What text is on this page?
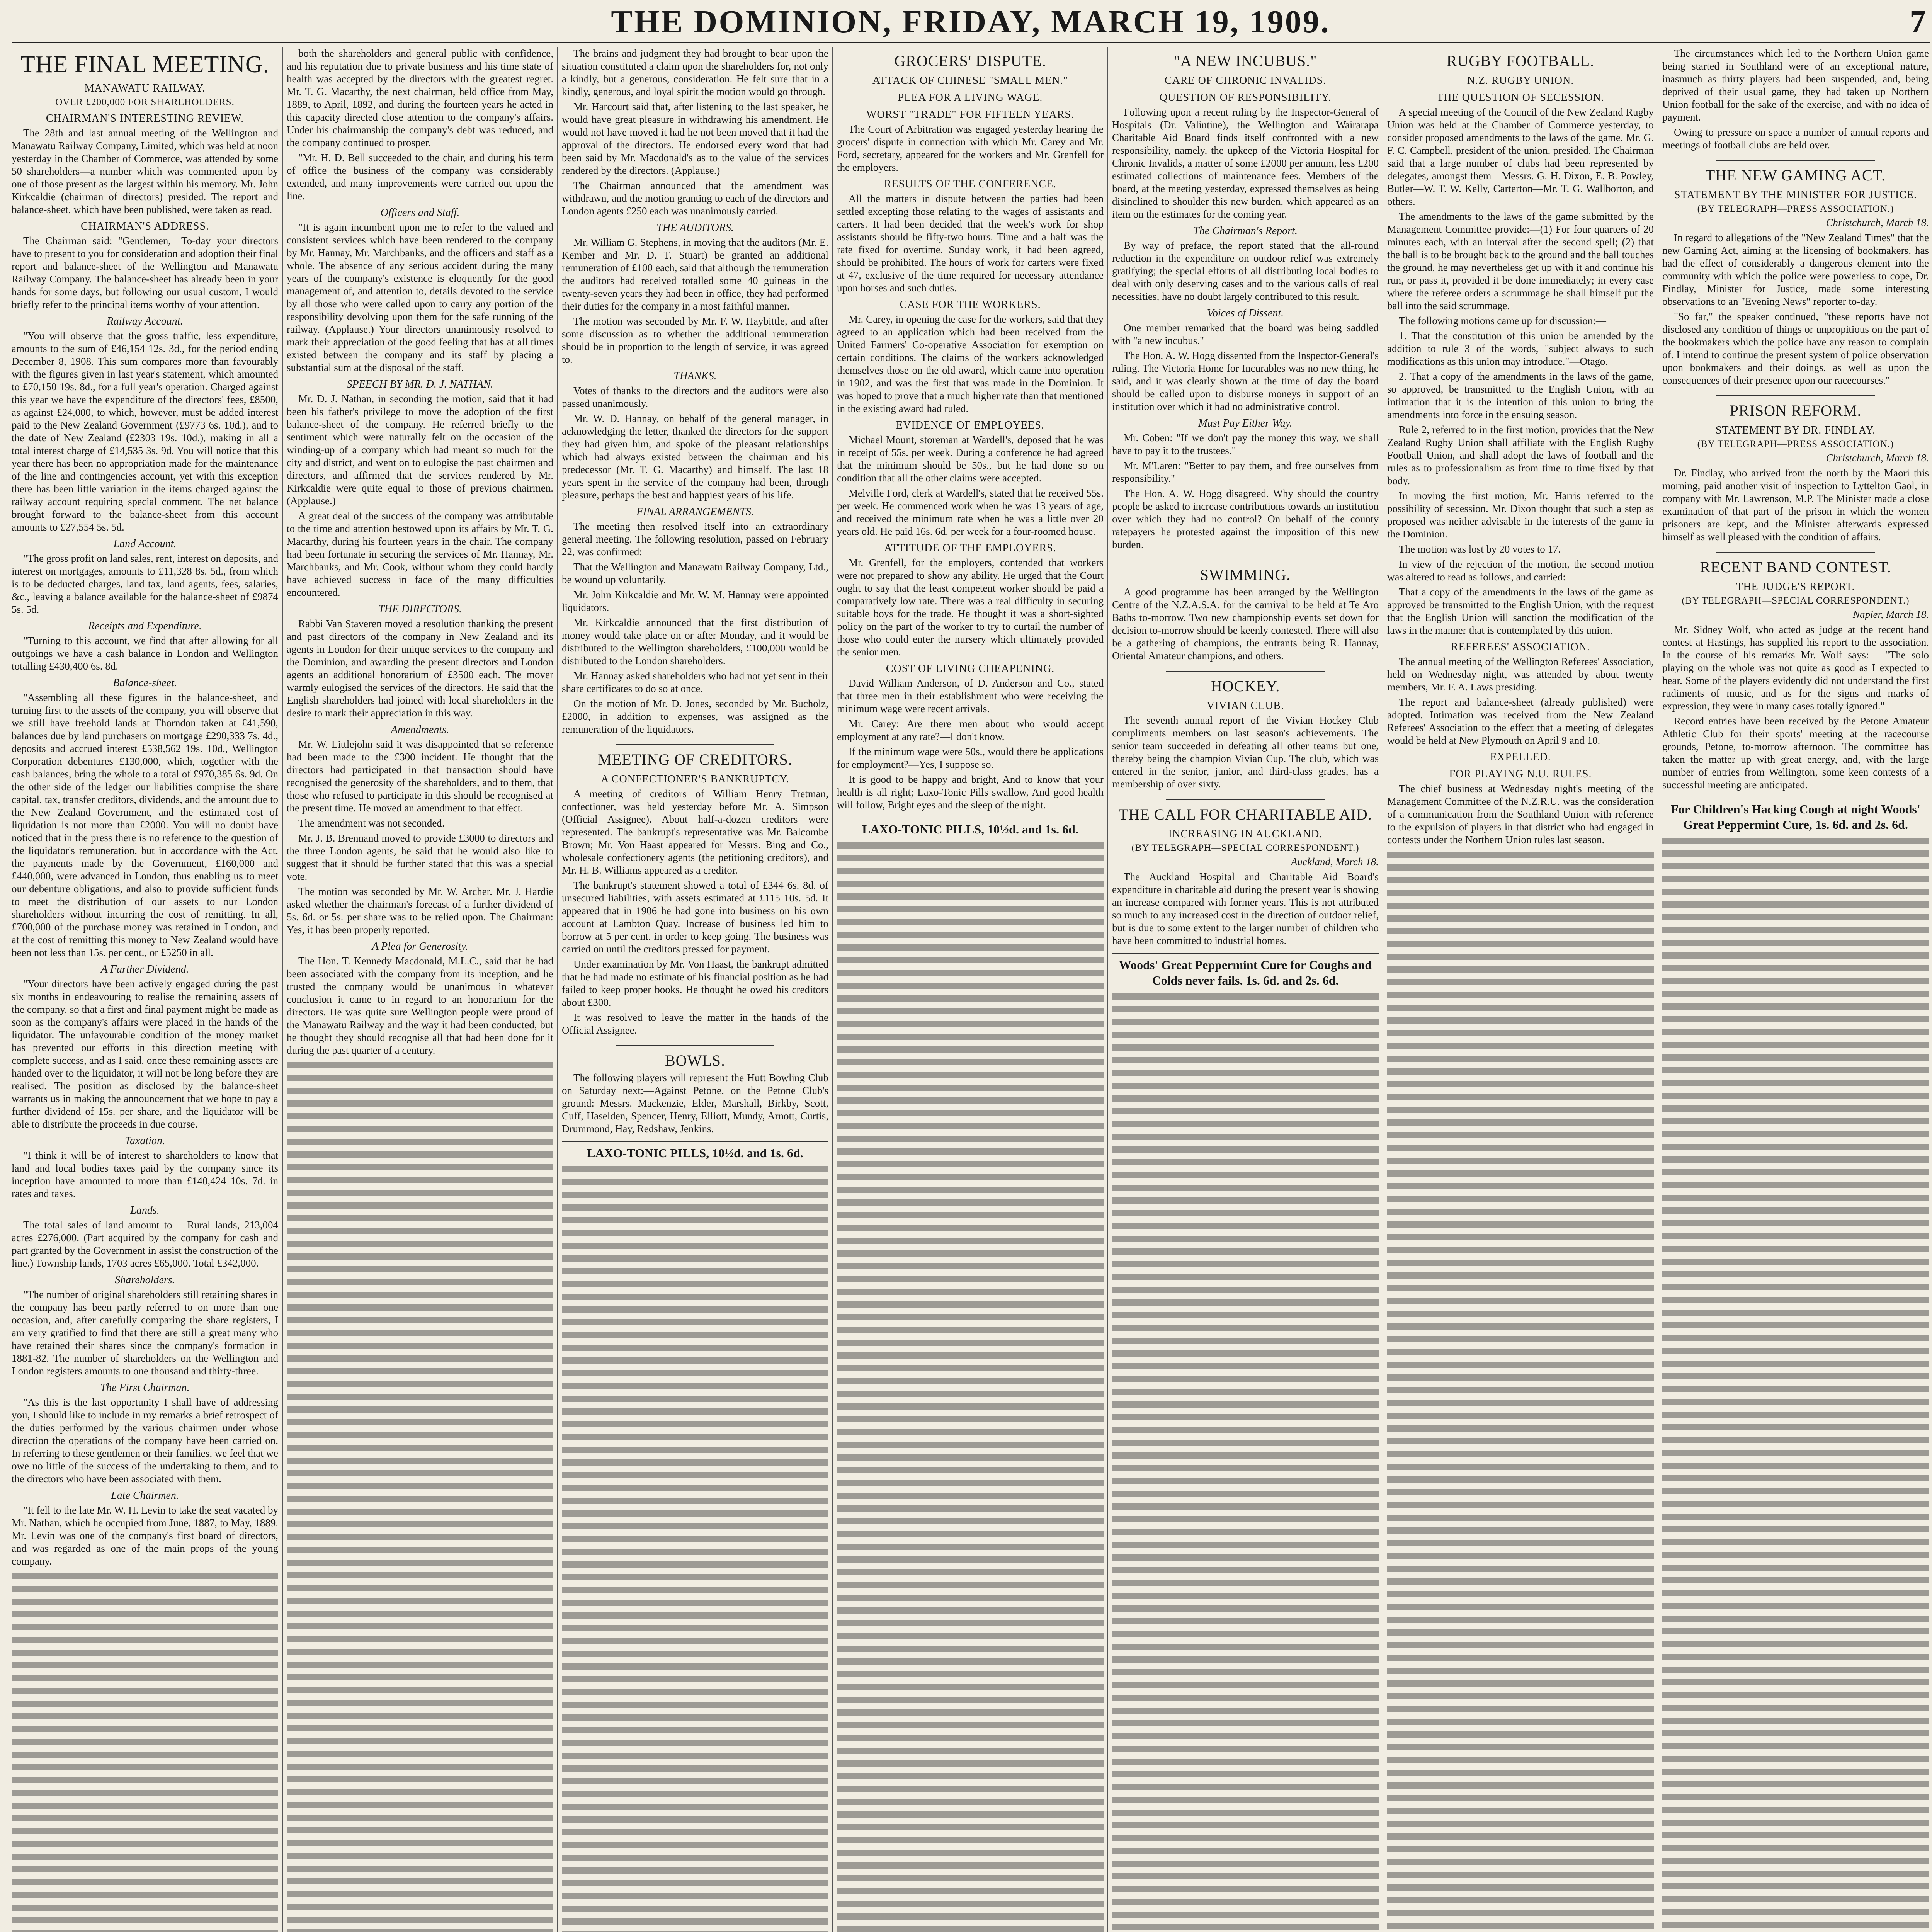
THE DOMINION, FRIDAY, MARCH 19, 1909.	7
THE FINAL MEETING.
MANAWATU RAILWAY.
OVER £200,000 FOR SHAREHOLDERS.
CHAIRMAN'S INTERESTING REVIEW.

The 28th and last annual meeting of the Wellington and Manawatu Railway Company, Limited, which was held at noon yesterday in the Chamber of Commerce, was attended by some 50 shareholders—a number which was commented upon by one of those present as the largest within his memory. Mr. John Kirkcaldie (chairman of directors) presided. The report and balance-sheet, which have been published, were taken as read.

CHAIRMAN'S ADDRESS.

The Chairman said: "Gentlemen,—To-day your directors have to present to you for consideration and adoption their final report and balance-sheet of the Wellington and Manawatu Railway Company. The balance-sheet has already been in your hands for some days, but following our usual custom, I would briefly refer to the principal items worthy of your attention.

Railway Account.

"You will observe that the gross traffic, less expenditure, amounts to the sum of £46,154 12s. 3d., for the period ending December 8, 1908. This sum compares more than favourably with the figures given in last year's statement, which amounted to £70,150 19s. 8d., for a full year's operation. Charged against this year we have the expenditure of the directors' fees, £8500, as against £24,000, to which, however, must be added interest paid to the New Zealand Government (£9773 6s. 10d.), and to the date of New Zealand (£2303 19s. 10d.), making in all a total interest charge of £14,535 3s. 9d. You will notice that this year there has been no appropriation made for the maintenance of the line and contingencies account, yet with this exception there has been little variation in the items charged against the railway account requiring special comment. The net balance brought forward to the balance-sheet from this account amounts to £27,554 5s. 5d.

Land Account.

"The gross profit on land sales, rent, interest on deposits, and interest on mortgages, amounts to £11,328 8s. 5d., from which is to be deducted charges, land tax, land agents, fees, salaries, &c., leaving a balance available for the balance-sheet of £9874 5s. 5d.

Receipts and Expenditure.

"Turning to this account, we find that after allowing for all outgoings we have a cash balance in London and Wellington totalling £430,400 6s. 8d.

Balance-sheet.

"Assembling all these figures in the balance-sheet, and turning first to the assets of the company, you will observe that we still have freehold lands at Thorndon taken at £41,590, balances due by land purchasers on mortgage £290,333 7s. 4d., deposits and accrued interest £538,562 19s. 10d., Wellington Corporation debentures £130,000, which, together with the cash balances, bring the whole to a total of £970,385 6s. 9d. On the other side of the ledger our liabilities comprise the share capital, tax, transfer creditors, dividends, and the amount due to the New Zealand Government, and the estimated cost of liquidation is not more than £2000. You will no doubt have noticed that in the press there is no reference to the question of the liquidator's remuneration, but in accordance with the Act, the payments made by the Government, £160,000 and £440,000, were advanced in London, thus enabling us to meet our debenture obligations, and also to provide sufficient funds to meet the distribution of our assets to our London shareholders without incurring the cost of remitting. In all, £700,000 of the purchase money was retained in London, and at the cost of remitting this money to New Zealand would have been not less than 15s. per cent., or £5250 in all.

A Further Dividend.

"Your directors have been actively engaged during the past six months in endeavouring to realise the remaining assets of the company, so that a first and final payment might be made as soon as the company's affairs were placed in the hands of the liquidator. The unfavourable condition of the money market has prevented our efforts in this direction meeting with complete success, and as I said, once these remaining assets are handed over to the liquidator, it will not be long before they are realised. The position as disclosed by the balance-sheet warrants us in making the announcement that we hope to pay a further dividend of 15s. per share, and the liquidator will be able to distribute the proceeds in due course.

Taxation.

"I think it will be of interest to shareholders to know that land and local bodies taxes paid by the company since its inception have amounted to more than £140,424 10s. 7d. in rates and taxes.

Lands.

The total sales of land amount to— Rural lands, 213,004 acres £276,000. (Part acquired by the company for cash and part granted by the Government in assist the construction of the line.) Township lands, 1703 acres £65,000. Total £342,000.

Shareholders.

"The number of original shareholders still retaining shares in the company has been partly referred to on more than one occasion, and, after carefully comparing the share registers, I am very gratified to find that there are still a great many who have retained their shares since the company's formation in 1881-82. The number of shareholders on the Wellington and London registers amounts to one thousand and thirty-three.

The First Chairman.

"As this is the last opportunity I shall have of addressing you, I should like to include in my remarks a brief retrospect of the duties performed by the various chairmen under whose direction the operations of the company have been carried on. In referring to these gentlemen or their families, we feel that we owe no little of the success of the undertaking to them, and to the directors who have been associated with them.

Late Chairmen.

"It fell to the late Mr. W. H. Levin to take the seat vacated by Mr. Nathan, which he occupied from June, 1887, to May, 1889. Mr. Levin was one of the company's first board of directors, and was regarded as one of the main props of the young company.

both the shareholders and general public with confidence, and his reputation due to private business and his time state of health was accepted by the directors with the greatest regret. Mr. T. G. Macarthy, the next chairman, held office from May, 1889, to April, 1892, and during the fourteen years he acted in this capacity directed close attention to the company's affairs. Under his chairmanship the company's debt was reduced, and the company continued to prosper.

"Mr. H. D. Bell succeeded to the chair, and during his term of office the business of the company was considerably extended, and many improvements were carried out upon the line.

Officers and Staff.

"It is again incumbent upon me to refer to the valued and consistent services which have been rendered to the company by Mr. Hannay, Mr. Marchbanks, and the officers and staff as a whole. The absence of any serious accident during the many years of the company's existence is eloquently for the good management of, and attention to, details devoted to the service by all those who were called upon to carry any portion of the responsibility devolving upon them for the safe running of the railway. (Applause.) Your directors unanimously resolved to mark their appreciation of the good feeling that has at all times existed between the company and its staff by placing a substantial sum at the disposal of the staff.

SPEECH BY MR. D. J. NATHAN.

Mr. D. J. Nathan, in seconding the motion, said that it had been his father's privilege to move the adoption of the first balance-sheet of the company. He referred briefly to the sentiment which were naturally felt on the occasion of the winding-up of a company which had meant so much for the city and district, and went on to eulogise the past chairmen and directors, and affirmed that the services rendered by Mr. Kirkcaldie were quite equal to those of previous chairmen. (Applause.)

A great deal of the success of the company was attributable to the time and attention bestowed upon its affairs by Mr. T. G. Macarthy, during his fourteen years in the chair. The company had been fortunate in securing the services of Mr. Hannay, Mr. Marchbanks, and Mr. Cook, without whom they could hardly have achieved success in face of the many difficulties encountered.

THE DIRECTORS.

Rabbi Van Staveren moved a resolution thanking the present and past directors of the company in New Zealand and its agents in London for their unique services to the company and the Dominion, and awarding the present directors and London agents an additional honorarium of £3500 each. The mover warmly eulogised the services of the directors. He said that the English shareholders had joined with local shareholders in the desire to mark their appreciation in this way.

Amendments.

Mr. W. Littlejohn said it was disappointed that so reference had been made to the £300 incident. He thought that the directors had participated in that transaction should have recognised the generosity of the shareholders, and to them, that those who refused to participate in this should be recognised at the present time. He moved an amendment to that effect.

The amendment was not seconded.

Mr. J. B. Brennand moved to provide £3000 to directors and the three London agents, he said that he would also like to suggest that it should be further stated that this was a special vote.

The motion was seconded by Mr. W. Archer. Mr. J. Hardie asked whether the chairman's forecast of a further dividend of 5s. 6d. or 5s. per share was to be relied upon. The Chairman: Yes, it has been properly reported.

A Plea for Generosity.

The Hon. T. Kennedy Macdonald, M.L.C., said that he had been associated with the company from its inception, and he trusted the company would be unanimous in whatever conclusion it came to in regard to an honorarium for the directors. He was quite sure Wellington people were proud of the Manawatu Railway and the way it had been conducted, but he thought they should recognise all that had been done for it during the past quarter of a century.

The brains and judgment they had brought to bear upon the situation constituted a claim upon the shareholders for, not only a kindly, but a generous, consideration. He felt sure that in a kindly, generous, and loyal spirit the motion would go through.

Mr. Harcourt said that, after listening to the last speaker, he would have great pleasure in withdrawing his amendment. He would not have moved it had he not been moved that it had the approval of the directors. He endorsed every word that had been said by Mr. Macdonald's as to the value of the services rendered by the directors. (Applause.)

The Chairman announced that the amendment was withdrawn, and the motion granting to each of the directors and London agents £250 each was unanimously carried.

THE AUDITORS.

Mr. William G. Stephens, in moving that the auditors (Mr. E. Kember and Mr. D. T. Stuart) be granted an additional remuneration of £100 each, said that although the remuneration the auditors had received totalled some 40 guineas in the twenty-seven years they had been in office, they had performed their duties for the company in a most faithful manner.

The motion was seconded by Mr. F. W. Haybittle, and after some discussion as to whether the additional remuneration should be in proportion to the length of service, it was agreed to.

THANKS.

Votes of thanks to the directors and the auditors were also passed unanimously.

Mr. W. D. Hannay, on behalf of the general manager, in acknowledging the letter, thanked the directors for the support they had given him, and spoke of the pleasant relationships which had always existed between the chairman and his predecessor (Mr. T. G. Macarthy) and himself. The last 18 years spent in the service of the company had been, through pleasure, perhaps the best and happiest years of his life.

FINAL ARRANGEMENTS.

The meeting then resolved itself into an extraordinary general meeting. The following resolution, passed on February 22, was confirmed:—

That the Wellington and Manawatu Railway Company, Ltd., be wound up voluntarily.

Mr. John Kirkcaldie and Mr. W. M. Hannay were appointed liquidators.

Mr. Kirkcaldie announced that the first distribution of money would take place on or after Monday, and it would be distributed to the Wellington shareholders, £100,000 would be distributed to the London shareholders.

Mr. Hannay asked shareholders who had not yet sent in their share certificates to do so at once.

On the motion of Mr. D. Jones, seconded by Mr. Bucholz, £2000, in addition to expenses, was assigned as the remuneration of the liquidators.

MEETING OF CREDITORS.
A CONFECTIONER'S BANKRUPTCY.

A meeting of creditors of William Henry Tretman, confectioner, was held yesterday before Mr. A. Simpson (Official Assignee). About half-a-dozen creditors were represented. The bankrupt's representative was Mr. Balcombe Brown; Mr. Von Haast appeared for Messrs. Bing and Co., wholesale confectionery agents (the petitioning creditors), and Mr. H. B. Williams appeared as a creditor.

The bankrupt's statement showed a total of £344 6s. 8d. of unsecured liabilities, with assets estimated at £115 10s. 5d. It appeared that in 1906 he had gone into business on his own account at Lambton Quay. Increase of business led him to borrow at 5 per cent. in order to keep going. The business was carried on until the creditors pressed for payment.

Under examination by Mr. Von Haast, the bankrupt admitted that he had made no estimate of his financial position as he had failed to keep proper books. He thought he owed his creditors about £300.

It was resolved to leave the matter in the hands of the Official Assignee.

BOWLS.

The following players will represent the Hutt Bowling Club on Saturday next:—Against Petone, on the Petone Club's ground: Messrs. Mackenzie, Elder, Marshall, Birkby, Scott, Cuff, Haselden, Spencer, Henry, Elliott, Mundy, Arnott, Curtis, Drummond, Hay, Redshaw, Jenkins.

LAXO-TONIC PILLS, 10½d. and 1s. 6d.
GROCERS' DISPUTE.
ATTACK OF CHINESE "SMALL MEN."
PLEA FOR A LIVING WAGE.
WORST "TRADE" FOR FIFTEEN YEARS.

The Court of Arbitration was engaged yesterday hearing the grocers' dispute in connection with which Mr. Carey and Mr. Ford, secretary, appeared for the workers and Mr. Grenfell for the employers.

RESULTS OF THE CONFERENCE.

All the matters in dispute between the parties had been settled excepting those relating to the wages of assistants and carters. It had been decided that the week's work for shop assistants should be fifty-two hours. Time and a half was the rate fixed for overtime. Sunday work, it had been agreed, should be prohibited. The hours of work for carters were fixed at 47, exclusive of the time required for necessary attendance upon horses and such duties.

CASE FOR THE WORKERS.

Mr. Carey, in opening the case for the workers, said that they agreed to an application which had been received from the United Farmers' Co-operative Association for exemption on certain conditions. The claims of the workers acknowledged themselves those on the old award, which came into operation in 1902, and was the first that was made in the Dominion. It was hoped to prove that a much higher rate than that mentioned in the existing award had ruled.

EVIDENCE OF EMPLOYEES.

Michael Mount, storeman at Wardell's, deposed that he was in receipt of 55s. per week. During a conference he had agreed that the minimum should be 50s., but he had done so on condition that all the other claims were accepted.

Melville Ford, clerk at Wardell's, stated that he received 55s. per week. He commenced work when he was 13 years of age, and received the minimum rate when he was a little over 20 years old. He paid 16s. 6d. per week for a four-roomed house.

ATTITUDE OF THE EMPLOYERS.

Mr. Grenfell, for the employers, contended that workers were not prepared to show any ability. He urged that the Court ought to say that the least competent worker should be paid a comparatively low rate. There was a real difficulty in securing suitable boys for the trade. He thought it was a short-sighted policy on the part of the worker to try to curtail the number of those who could enter the nursery which ultimately provided the senior men.

COST OF LIVING CHEAPENING.

David William Anderson, of D. Anderson and Co., stated that three men in their establishment who were receiving the minimum wage were recent arrivals.

Mr. Carey: Are there men about who would accept employment at any rate?—I don't know.

If the minimum wage were 50s., would there be applications for employment?—Yes, I suppose so.

It is good to be happy and bright, And to know that your health is all right; Laxo-Tonic Pills swallow, And good health will follow, Bright eyes and the sleep of the night.

LAXO-TONIC PILLS, 10½d. and 1s. 6d.
"A NEW INCUBUS."
CARE OF CHRONIC INVALIDS.
QUESTION OF RESPONSIBILITY.

Following upon a recent ruling by the Inspector-General of Hospitals (Dr. Valintine), the Wellington and Wairarapa Charitable Aid Board finds itself confronted with a new responsibility, namely, the upkeep of the Victoria Hospital for Chronic Invalids, a matter of some £2000 per annum, less £200 estimated collections of maintenance fees. Members of the board, at the meeting yesterday, expressed themselves as being disinclined to shoulder this new burden, which appeared as an item on the estimates for the coming year.

The Chairman's Report.

By way of preface, the report stated that the all-round reduction in the expenditure on outdoor relief was extremely gratifying; the special efforts of all distributing local bodies to deal with only deserving cases and to the various calls of real necessities, have no doubt largely contributed to this result.

Voices of Dissent.

One member remarked that the board was being saddled with "a new incubus."

The Hon. A. W. Hogg dissented from the Inspector-General's ruling. The Victoria Home for Incurables was no new thing, he said, and it was clearly shown at the time of day the board should be called upon to disburse moneys in support of an institution over which it had no administrative control.

Must Pay Either Way.

Mr. Coben: "If we don't pay the money this way, we shall have to pay it to the trustees."

Mr. M'Laren: "Better to pay them, and free ourselves from responsibility."

The Hon. A. W. Hogg disagreed. Why should the country people be asked to increase contributions towards an institution over which they had no control? On behalf of the county ratepayers he protested against the imposition of this new burden.

SWIMMING.

A good programme has been arranged by the Wellington Centre of the N.Z.A.S.A. for the carnival to be held at Te Aro Baths to-morrow. Two new championship events set down for decision to-morrow should be keenly contested. There will also be a gathering of champions, the entrants being R. Hannay, Oriental Amateur champions, and others.

HOCKEY.
VIVIAN CLUB.

The seventh annual report of the Vivian Hockey Club compliments members on last season's achievements. The senior team succeeded in defeating all other teams but one, thereby being the champion Vivian Cup. The club, which was entered in the senior, junior, and third-class grades, has a membership of over sixty.

THE CALL FOR CHARITABLE AID.
INCREASING IN AUCKLAND.
(BY TELEGRAPH—SPECIAL CORRESPONDENT.)
Auckland, March 18.

The Auckland Hospital and Charitable Aid Board's expenditure in charitable aid during the present year is showing an increase compared with former years. This is not attributed so much to any increased cost in the direction of outdoor relief, but is due to some extent to the larger number of children who have been committed to industrial homes.

Woods' Great Peppermint Cure for Coughs and Colds never fails. 1s. 6d. and 2s. 6d.
RUGBY FOOTBALL.
N.Z. RUGBY UNION.
THE QUESTION OF SECESSION.

A special meeting of the Council of the New Zealand Rugby Union was held at the Chamber of Commerce yesterday, to consider proposed amendments to the laws of the game. Mr. G. F. C. Campbell, president of the union, presided. The Chairman said that a large number of clubs had been represented by delegates, amongst them—Messrs. G. H. Dixon, E. B. Powley, Butler—W. T. W. Kelly, Carterton—Mr. T. G. Wallborton, and others.

The amendments to the laws of the game submitted by the Management Committee provide:—(1) For four quarters of 20 minutes each, with an interval after the second spell; (2) that the ball is to be brought back to the ground and the ball touches the ground, he may nevertheless get up with it and continue his run, or pass it, provided it be done immediately; in every case where the referee orders a scrummage he shall himself put the ball into the said scrummage.

The following motions came up for discussion:—

1. That the constitution of this union be amended by the addition to rule 3 of the words, "subject always to such modifications as this union may introduce."—Otago.

2. That a copy of the amendments in the laws of the game, so approved, be transmitted to the English Union, with an intimation that it is the intention of this union to bring the amendments into force in the ensuing season.

Rule 2, referred to in the first motion, provides that the New Zealand Rugby Union shall affiliate with the English Rugby Football Union, and shall adopt the laws of football and the rules as to professionalism as from time to time fixed by that body.

In moving the first motion, Mr. Harris referred to the possibility of secession. Mr. Dixon thought that such a step as proposed was neither advisable in the interests of the game in the Dominion.

The motion was lost by 20 votes to 17.

In view of the rejection of the motion, the second motion was altered to read as follows, and carried:—

That a copy of the amendments in the laws of the game as approved be transmitted to the English Union, with the request that the English Union will sanction the modification of the laws in the manner that is contemplated by this union.

REFEREES' ASSOCIATION.

The annual meeting of the Wellington Referees' Association, held on Wednesday night, was attended by about twenty members, Mr. F. A. Laws presiding.

The report and balance-sheet (already published) were adopted. Intimation was received from the New Zealand Referees' Association to the effect that a meeting of delegates would be held at New Plymouth on April 9 and 10.

EXPELLED.
FOR PLAYING N.U. RULES.

The chief business at Wednesday night's meeting of the Management Committee of the N.Z.R.U. was the consideration of a communication from the Southland Union with reference to the expulsion of players in that district who had engaged in contests under the Northern Union rules last season.

The circumstances which led to the Northern Union game being started in Southland were of an exceptional nature, inasmuch as thirty players had been suspended, and, being deprived of their usual game, they had taken up Northern Union football for the sake of the exercise, and with no idea of payment.

Owing to pressure on space a number of annual reports and meetings of football clubs are held over.

THE NEW GAMING ACT.
STATEMENT BY THE MINISTER FOR JUSTICE.
(BY TELEGRAPH—PRESS ASSOCIATION.)
Christchurch, March 18.

In regard to allegations of the "New Zealand Times" that the new Gaming Act, aiming at the licensing of bookmakers, has had the effect of considerably a dangerous element into the community with which the police were powerless to cope, Dr. Findlay, Minister for Justice, made some interesting observations to an "Evening News" reporter to-day.

"So far," the speaker continued, "these reports have not disclosed any condition of things or unpropitious on the part of the bookmakers which the police have any reason to complain of. I intend to continue the present system of police observation upon bookmakers and their doings, as well as upon the consequences of their presence upon our racecourses."

PRISON REFORM.
STATEMENT BY DR. FINDLAY.
(BY TELEGRAPH—PRESS ASSOCIATION.)
Christchurch, March 18.

Dr. Findlay, who arrived from the north by the Maori this morning, paid another visit of inspection to Lyttelton Gaol, in company with Mr. Lawrenson, M.P. The Minister made a close examination of that part of the prison in which the women prisoners are kept, and the Minister afterwards expressed himself as well pleased with the condition of affairs.

RECENT BAND CONTEST.
THE JUDGE'S REPORT.
(BY TELEGRAPH—SPECIAL CORRESPONDENT.)
Napier, March 18.

Mr. Sidney Wolf, who acted as judge at the recent band contest at Hastings, has supplied his report to the association. In the course of his remarks Mr. Wolf says:— "The solo playing on the whole was not quite as good as I expected to hear. Some of the players evidently did not understand the first rudiments of music, and as for the signs and marks of expression, they were in many cases totally ignored."

Record entries have been received by the Petone Amateur Athletic Club for their sports' meeting at the racecourse grounds, Petone, to-morrow afternoon. The committee has taken the matter up with great energy, and, with the large number of entries from Wellington, some keen contests of a successful meeting are anticipated.

For Children's Hacking Cough at night Woods' Great Peppermint Cure, 1s. 6d. and 2s. 6d.
